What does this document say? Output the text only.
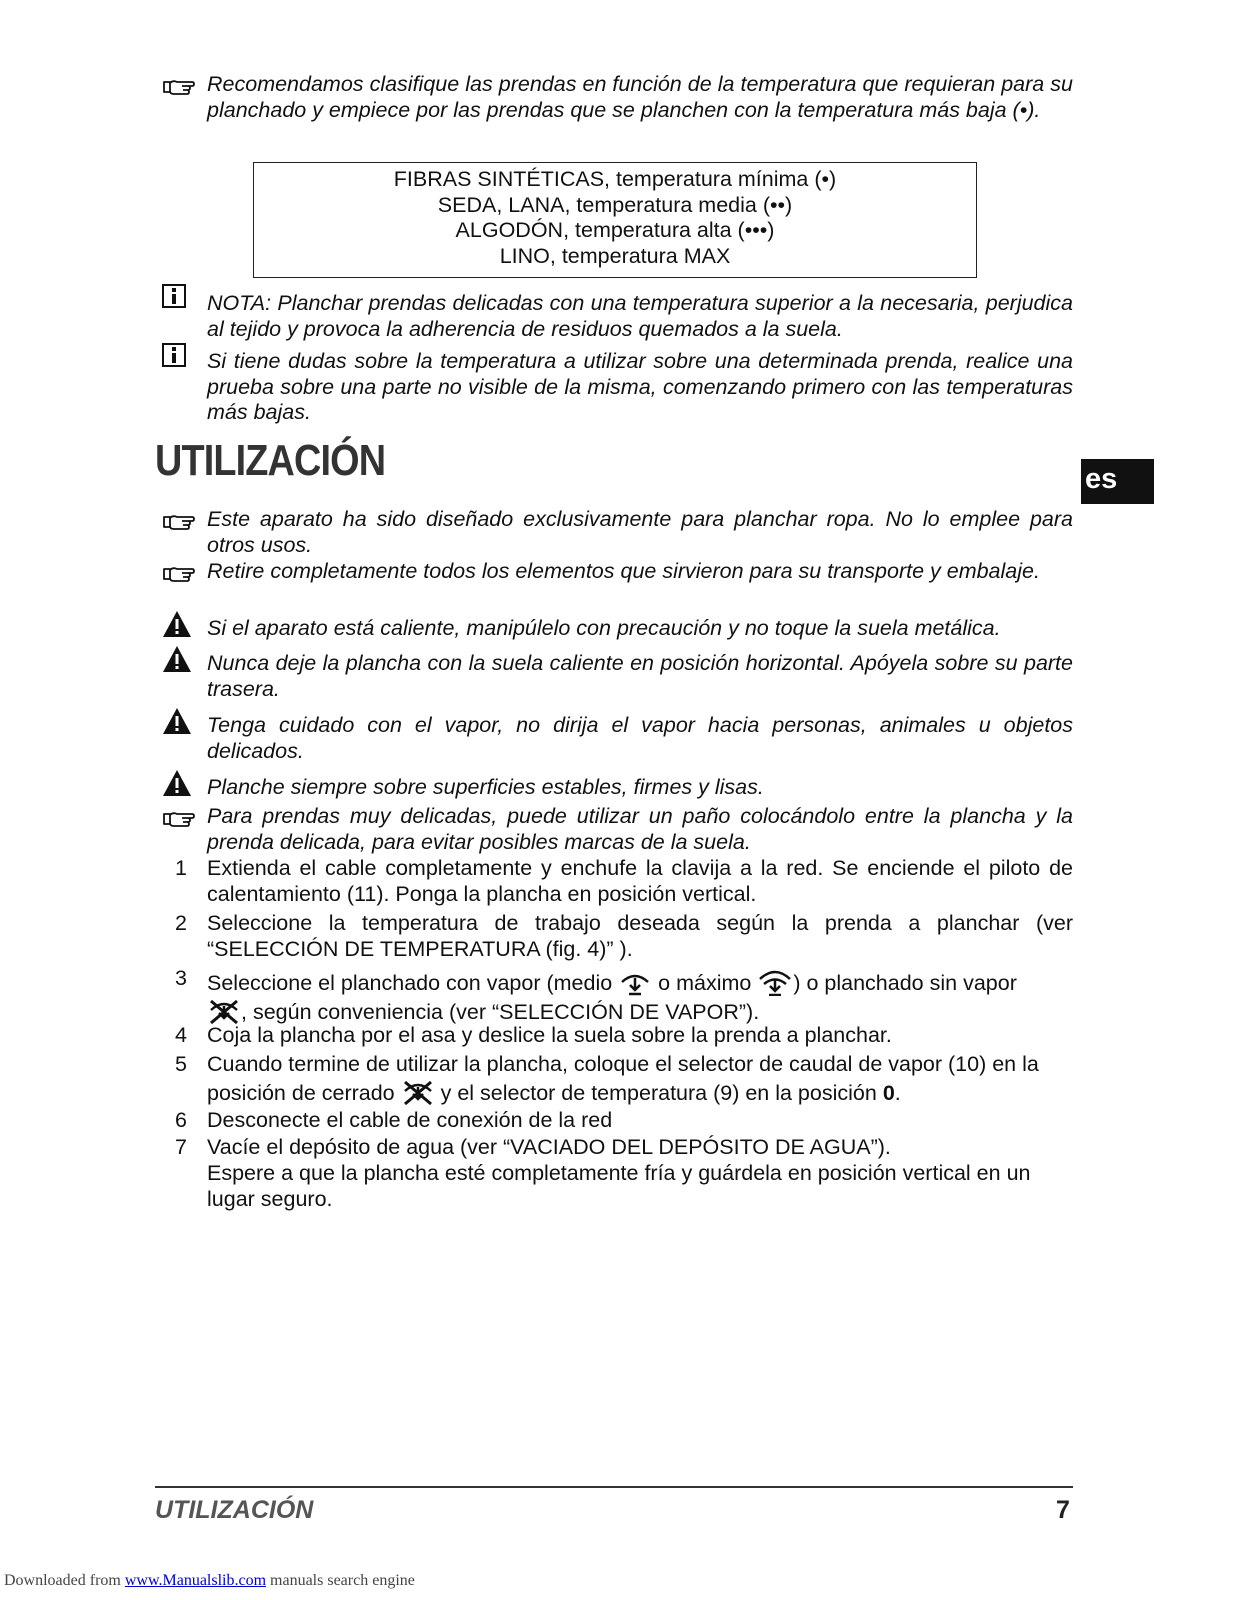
Recomendamos clasifique las prendas en función de la temperatura que requieran para su planchado y empiece por las prendas que se planchen con la temperatura más baja (•).
FIBRAS SINTÉTICAS, temperatura mínima (•)
SEDA, LANA, temperatura media (••)
ALGODÓN, temperatura alta (•••)
LINO, temperatura MAX
NOTA: Planchar prendas delicadas con una temperatura superior a la necesaria, perjudica al tejido y provoca la adherencia de residuos quemados a la suela.
Si tiene dudas sobre la temperatura a utilizar sobre una determinada prenda, realice una prueba sobre una parte no visible de la misma, comenzando primero con las temperaturas más bajas.
UTILIZACIÓN	es
Este aparato ha sido diseñado exclusivamente para planchar ropa. No lo emplee para otros usos.
Retire completamente todos los elementos que sirvieron para su transporte y embalaje.
Si el aparato está caliente, manipúlelo con precaución y no toque la suela metálica.
Nunca deje la plancha con la suela caliente en posición horizontal. Apóyela sobre su parte trasera.
Tenga cuidado con el vapor, no dirija el vapor hacia personas, animales u objetos delicados.
Planche siempre sobre superficies estables, firmes y lisas.
Para prendas muy delicadas, puede utilizar un paño colocándolo entre la plancha y la prenda delicada, para evitar posibles marcas de la suela.
1 Extienda el cable completamente y enchufe la clavija a la red. Se enciende el piloto de calentamiento (11). Ponga la plancha en posición vertical.
2 Seleccione la temperatura de trabajo deseada según la prenda a planchar (ver “SELECCIÓN DE TEMPERATURA (fig. 4)” ).
3 Seleccione el planchado con vapor (medio o máximo ) o planchado sin vapor
, según conveniencia (ver “SELECCIÓN DE VAPOR”).
4 Coja la plancha por el asa y deslice la suela sobre la prenda a planchar.
5 Cuando termine de utilizar la plancha, coloque el selector de caudal de vapor (10) en la posición de cerrado y el selector de temperatura (9) en la posición 0.
6 Desconecte el cable de conexión de la red
7 Vacíe el depósito de agua (ver “VACIADO DEL DEPÓSITO DE AGUA”).
Espere a que la plancha esté completamente fría y guárdela en posición vertical en un lugar seguro.
UTILIZACIÓN	7
Downloaded from www.Manualslib.com manuals search engine
